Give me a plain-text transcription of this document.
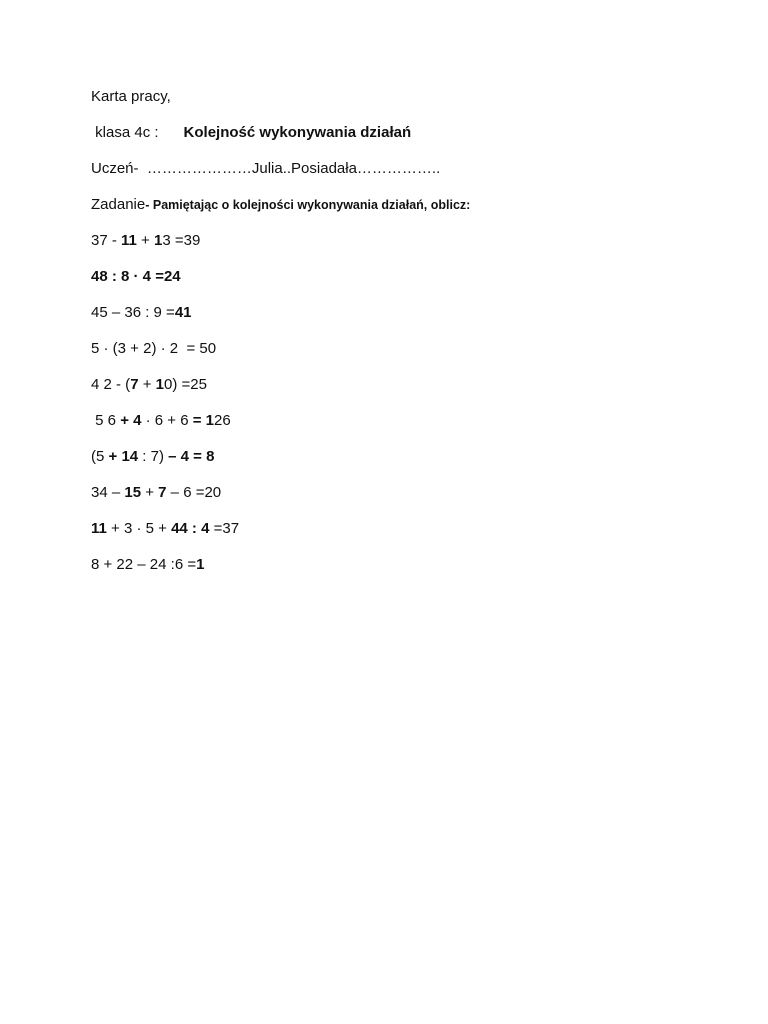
Karta pracy,
klasa 4c :      Kolejność wykonywania działań
Uczeń-  …………………Julia..Posiadała……………..
Zadanie- Pamiętając o kolejności wykonywania działań, oblicz:
37 - 11 + 13 =39
48 : 8 · 4 =24
45 – 36 : 9 =41
5 · (3 + 2) · 2  = 50
4 2 - (7 + 10) =25
5 6 + 4 · 6 + 6 = 126
(5 + 14 : 7) – 4 = 8
34 – 15 + 7 – 6 =20
11 + 3 · 5 + 44 : 4 =37
8 + 22 – 24 :6 =1
